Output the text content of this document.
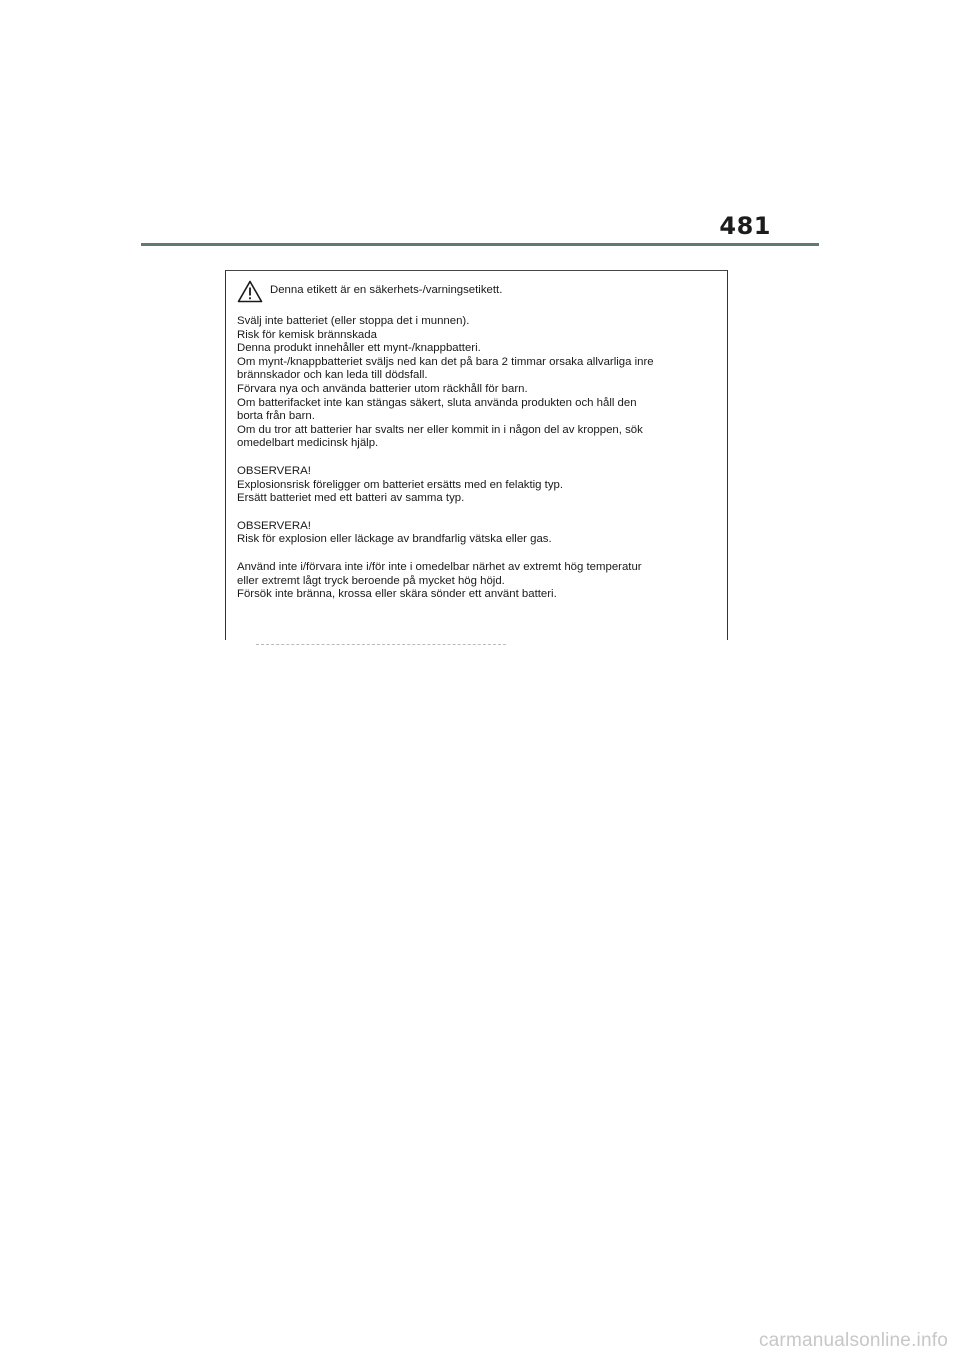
481
Denna etikett är en säkerhets-/varningsetikett.
Svälj inte batteriet (eller stoppa det i munnen).
Risk för kemisk brännskada
Denna produkt innehåller ett mynt-/knappbatteri.
Om mynt-/knappbatteriet sväljs ned kan det på bara 2 timmar orsaka allvarliga inre
brännskador och kan leda till dödsfall.
Förvara nya och använda batterier utom räckhåll för barn.
Om batterifacket inte kan stängas säkert, sluta använda produkten och håll den
borta från barn.
Om du tror att batterier har svalts ner eller kommit in i någon del av kroppen, sök
omedelbart medicinsk hjälp.
OBSERVERA!
Explosionsrisk föreligger om batteriet ersätts med en felaktig typ.
Ersätt batteriet med ett batteri av samma typ.
OBSERVERA!
Risk för explosion eller läckage av brandfarlig vätska eller gas.
Använd inte i/förvara inte i/för inte i omedelbar närhet av extremt hög temperatur
eller extremt lågt tryck beroende på mycket hög höjd.
Försök inte bränna, krossa eller skära sönder ett använt batteri.
carmanualsonline.info
